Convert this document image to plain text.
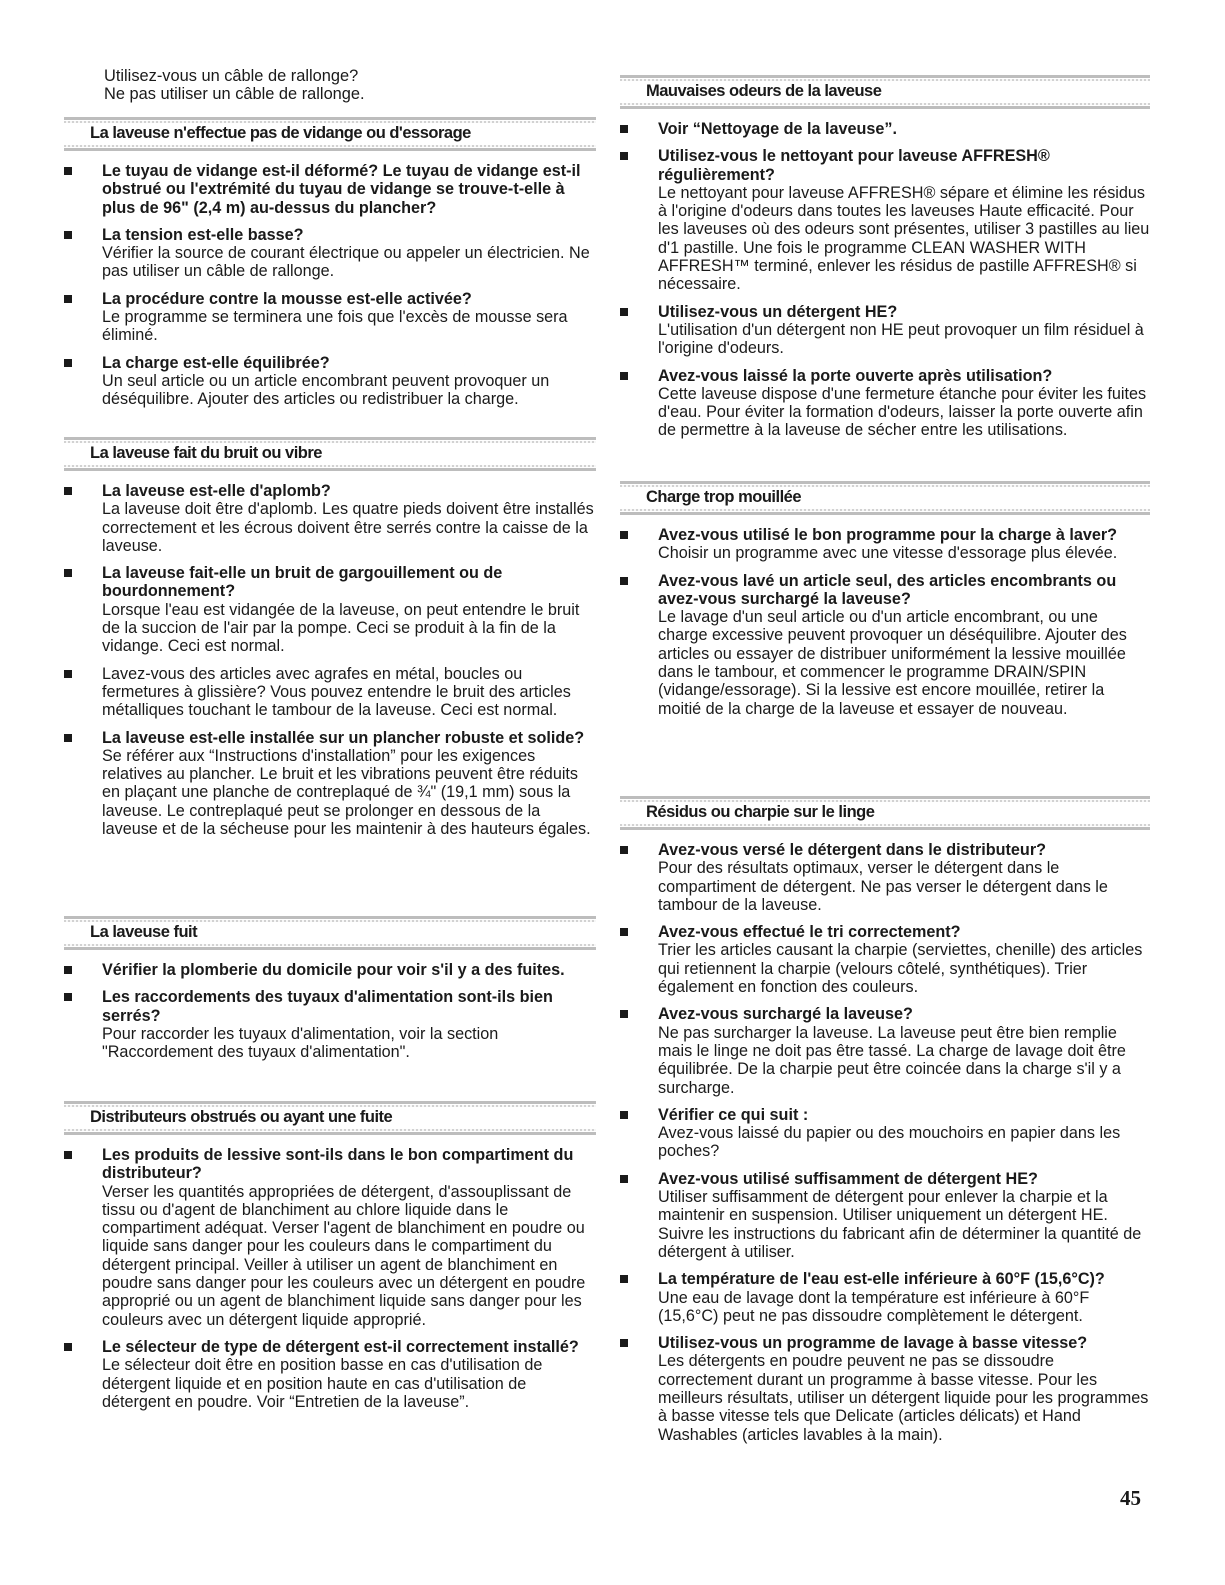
Utilisez-vous un câble de rallonge?
Ne pas utiliser un câble de rallonge.
La laveuse n'effectue pas de vidange ou d'essorage
Le tuyau de vidange est-il déformé? Le tuyau de vidange est-il obstrué ou l'extrémité du tuyau de vidange se trouve-t-elle à plus de 96" (2,4 m) au-dessus du plancher?
La tension est-elle basse?
Vérifier la source de courant électrique ou appeler un électricien. Ne pas utiliser un câble de rallonge.
La procédure contre la mousse est-elle activée?
Le programme se terminera une fois que l'excès de mousse sera éliminé.
La charge est-elle équilibrée?
Un seul article ou un article encombrant peuvent provoquer un déséquilibre. Ajouter des articles ou redistribuer la charge.
La laveuse fait du bruit ou vibre
La laveuse est-elle d'aplomb?
La laveuse doit être d'aplomb. Les quatre pieds doivent être installés correctement et les écrous doivent être serrés contre la caisse de la laveuse.
La laveuse fait-elle un bruit de gargouillement ou de bourdonnement?
Lorsque l'eau est vidangée de la laveuse, on peut entendre le bruit de la succion de l'air par la pompe. Ceci se produit à la fin de la vidange. Ceci est normal.
Lavez-vous des articles avec agrafes en métal, boucles ou fermetures à glissière? Vous pouvez entendre le bruit des articles métalliques touchant le tambour de la laveuse. Ceci est normal.
La laveuse est-elle installée sur un plancher robuste et solide?
Se référer aux “Instructions d'installation” pour les exigences relatives au plancher. Le bruit et les vibrations peuvent être réduits en plaçant une planche de contreplaqué de ¾" (19,1 mm) sous la laveuse. Le contreplaqué peut se prolonger en dessous de la laveuse et de la sécheuse pour les maintenir à des hauteurs égales.
La laveuse fuit
Vérifier la plomberie du domicile pour voir s'il y a des fuites.
Les raccordements des tuyaux d'alimentation sont-ils bien serrés?
Pour raccorder les tuyaux d'alimentation, voir la section "Raccordement des tuyaux d'alimentation".
Distributeurs obstrués ou ayant une fuite
Les produits de lessive sont-ils dans le bon compartiment du distributeur?
Verser les quantités appropriées de détergent, d'assouplissant de tissu ou d'agent de blanchiment au chlore liquide dans le compartiment adéquat. Verser l'agent de blanchiment en poudre ou liquide sans danger pour les couleurs dans le compartiment du détergent principal. Veiller à utiliser un agent de blanchiment en poudre sans danger pour les couleurs avec un détergent en poudre approprié ou un agent de blanchiment liquide sans danger pour les couleurs avec un détergent liquide approprié.
Le sélecteur de type de détergent est-il correctement installé?
Le sélecteur doit être en position basse en cas d'utilisation de détergent liquide et en position haute en cas d'utilisation de détergent en poudre. Voir “Entretien de la laveuse”.
Mauvaises odeurs de la laveuse
Voir “Nettoyage de la laveuse”.
Utilisez-vous le nettoyant pour laveuse AFFRESH® régulièrement?
Le nettoyant pour laveuse AFFRESH® sépare et élimine les résidus à l'origine d'odeurs dans toutes les laveuses Haute efficacité. Pour les laveuses où des odeurs sont présentes, utiliser 3 pastilles au lieu d'1 pastille. Une fois le programme CLEAN WASHER WITH AFFRESH™ terminé, enlever les résidus de pastille AFFRESH® si nécessaire.
Utilisez-vous un détergent HE?
L'utilisation d'un détergent non HE peut provoquer un film résiduel à l'origine d'odeurs.
Avez-vous laissé la porte ouverte après utilisation?
Cette laveuse dispose d'une fermeture étanche pour éviter les fuites d'eau. Pour éviter la formation d'odeurs, laisser la porte ouverte afin de permettre à la laveuse de sécher entre les utilisations.
Charge trop mouillée
Avez-vous utilisé le bon programme pour la charge à laver?
Choisir un programme avec une vitesse d'essorage plus élevée.
Avez-vous lavé un article seul, des articles encombrants ou avez-vous surchargé la laveuse?
Le lavage d'un seul article ou d'un article encombrant, ou une charge excessive peuvent provoquer un déséquilibre. Ajouter des articles ou essayer de distribuer uniformément la lessive mouillée dans le tambour, et commencer le programme DRAIN/SPIN (vidange/essorage). Si la lessive est encore mouillée, retirer la moitié de la charge de la laveuse et essayer de nouveau.
Résidus ou charpie sur le linge
Avez-vous versé le détergent dans le distributeur?
Pour des résultats optimaux, verser le détergent dans le compartiment de détergent. Ne pas verser le détergent dans le tambour de la laveuse.
Avez-vous effectué le tri correctement?
Trier les articles causant la charpie (serviettes, chenille) des articles qui retiennent la charpie (velours côtelé, synthétiques). Trier également en fonction des couleurs.
Avez-vous surchargé la laveuse?
Ne pas surcharger la laveuse. La laveuse peut être bien remplie mais le linge ne doit pas être tassé. La charge de lavage doit être équilibrée. De la charpie peut être coincée dans la charge s'il y a surcharge.
Vérifier ce qui suit :
Avez-vous laissé du papier ou des mouchoirs en papier dans les poches?
Avez-vous utilisé suffisamment de détergent HE?
Utiliser suffisamment de détergent pour enlever la charpie et la maintenir en suspension. Utiliser uniquement un détergent HE. Suivre les instructions du fabricant afin de déterminer la quantité de détergent à utiliser.
La température de l'eau est-elle inférieure à 60°F (15,6°C)?
Une eau de lavage dont la température est inférieure à 60°F (15,6°C) peut ne pas dissoudre complètement le détergent.
Utilisez-vous un programme de lavage à basse vitesse?
Les détergents en poudre peuvent ne pas se dissoudre correctement durant un programme à basse vitesse. Pour les meilleurs résultats, utiliser un détergent liquide pour les programmes à basse vitesse tels que Delicate (articles délicats) et Hand Washables (articles lavables à la main).
45
